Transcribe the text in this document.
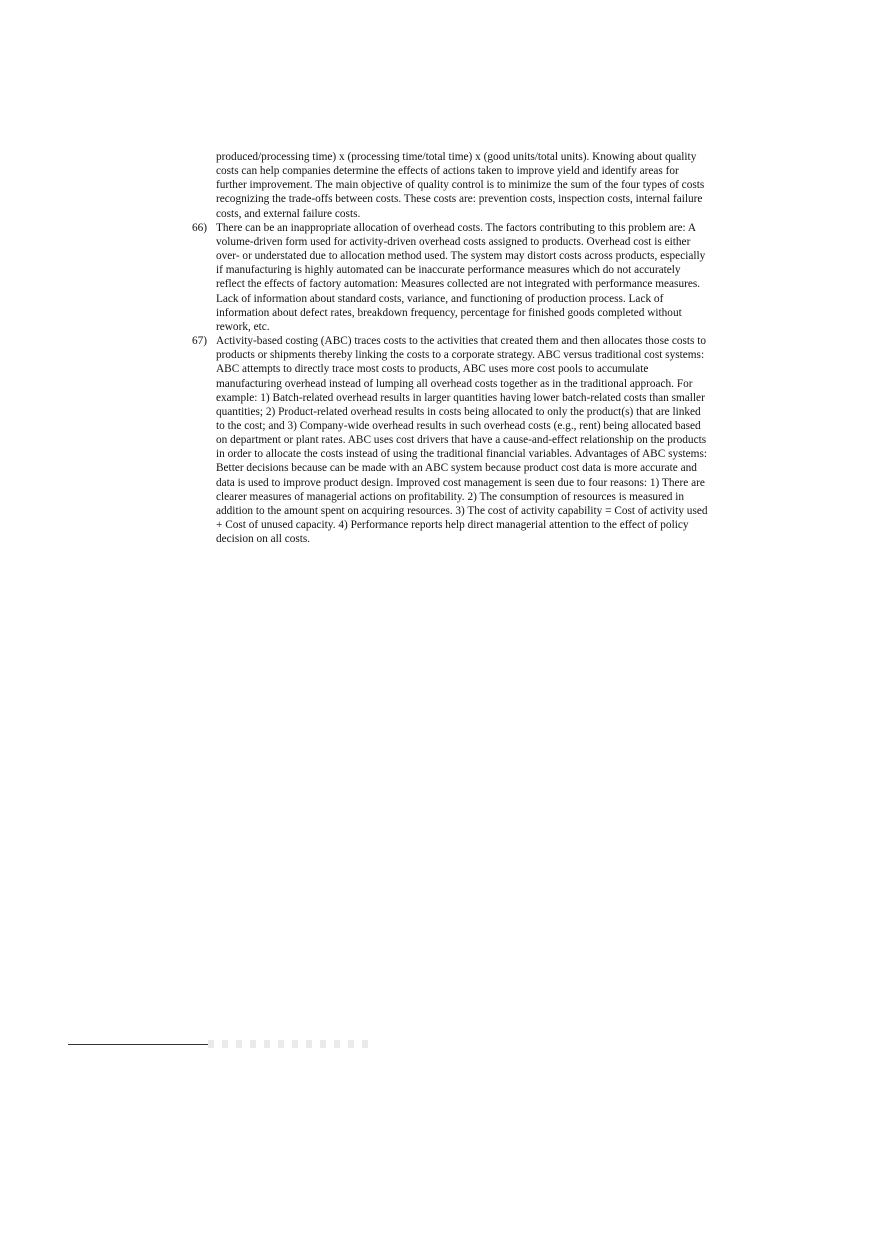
produced/processing time) x (processing time/total time) x (good units/total units). Knowing about quality costs can help companies determine the effects of actions taken to improve yield and identify areas for further improvement. The main objective of quality control is to minimize the sum of the four types of costs recognizing the trade-offs between costs. These costs are: prevention costs, inspection costs, internal failure costs, and external failure costs.

66) There can be an inappropriate allocation of overhead costs. The factors contributing to this problem are: A volume-driven form used for activity-driven overhead costs assigned to products. Overhead cost is either over- or understated due to allocation method used. The system may distort costs across products, especially if manufacturing is highly automated can be inaccurate performance measures which do not accurately reflect the effects of factory automation: Measures collected are not integrated with performance measures. Lack of information about standard costs, variance, and functioning of production process. Lack of information about defect rates, breakdown frequency, percentage for finished goods completed without rework, etc.

67) Activity-based costing (ABC) traces costs to the activities that created them and then allocates those costs to products or shipments thereby linking the costs to a corporate strategy. ABC versus traditional cost systems: ABC attempts to directly trace most costs to products, ABC uses more cost pools to accumulate manufacturing overhead instead of lumping all overhead costs together as in the traditional approach. For example: 1) Batch-related overhead results in larger quantities having lower batch-related costs than smaller quantities; 2) Product-related overhead results in costs being allocated to only the product(s) that are linked to the cost; and 3) Company-wide overhead results in such overhead costs (e.g., rent) being allocated based on department or plant rates. ABC uses cost drivers that have a cause-and-effect relationship on the products in order to allocate the costs instead of using the traditional financial variables. Advantages of ABC systems: Better decisions because can be made with an ABC system because product cost data is more accurate and data is used to improve product design. Improved cost management is seen due to four reasons: 1) There are clearer measures of managerial actions on profitability. 2) The consumption of resources is measured in addition to the amount spent on acquiring resources. 3) The cost of activity capability = Cost of activity used + Cost of unused capacity. 4) Performance reports help direct managerial attention to the effect of policy decision on all costs.
